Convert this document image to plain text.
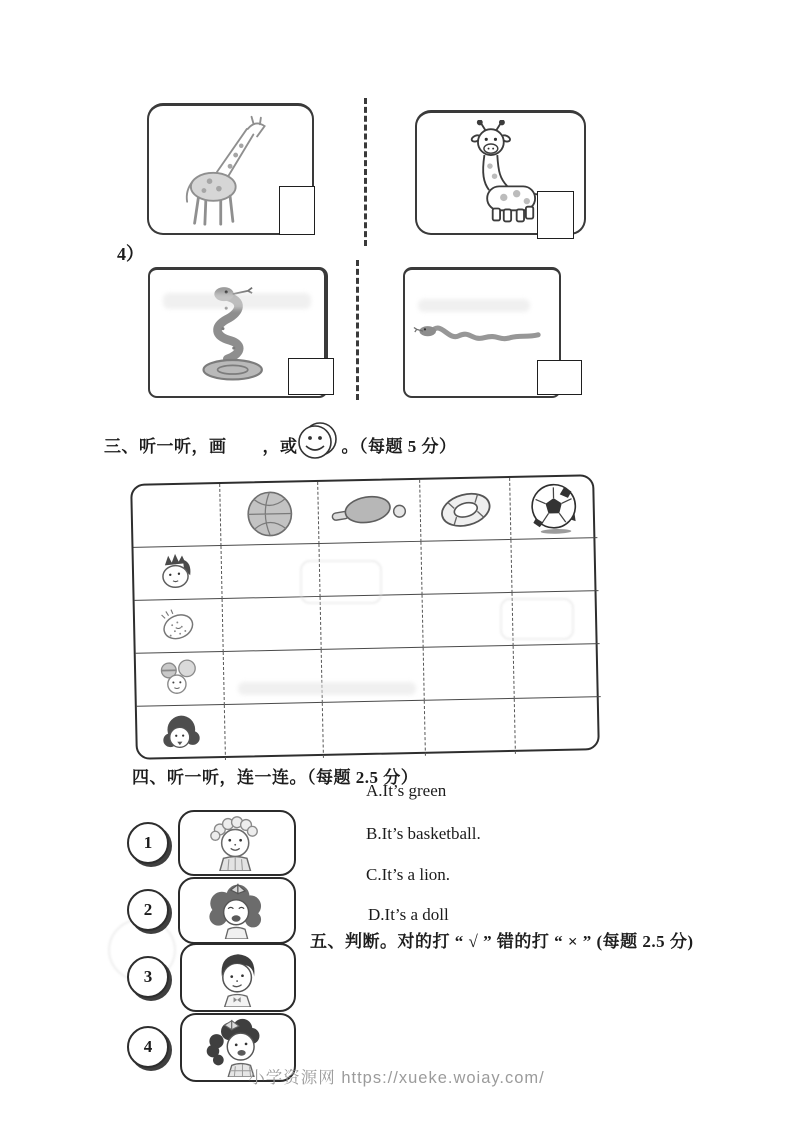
4）
三、听一听，画 ，或	。（每题 5 分）
四、听一听，连一连。（每题 2.5 分）
A.It’s green
B.It’s basketball.
C.It’s a lion.
D.It’s a doll
1
2
3
4
五、判断。对的打 “ √ ” 错的打 “ × ” (每题 2.5 分)
小学资源网 https://xueke.woiay.com/
